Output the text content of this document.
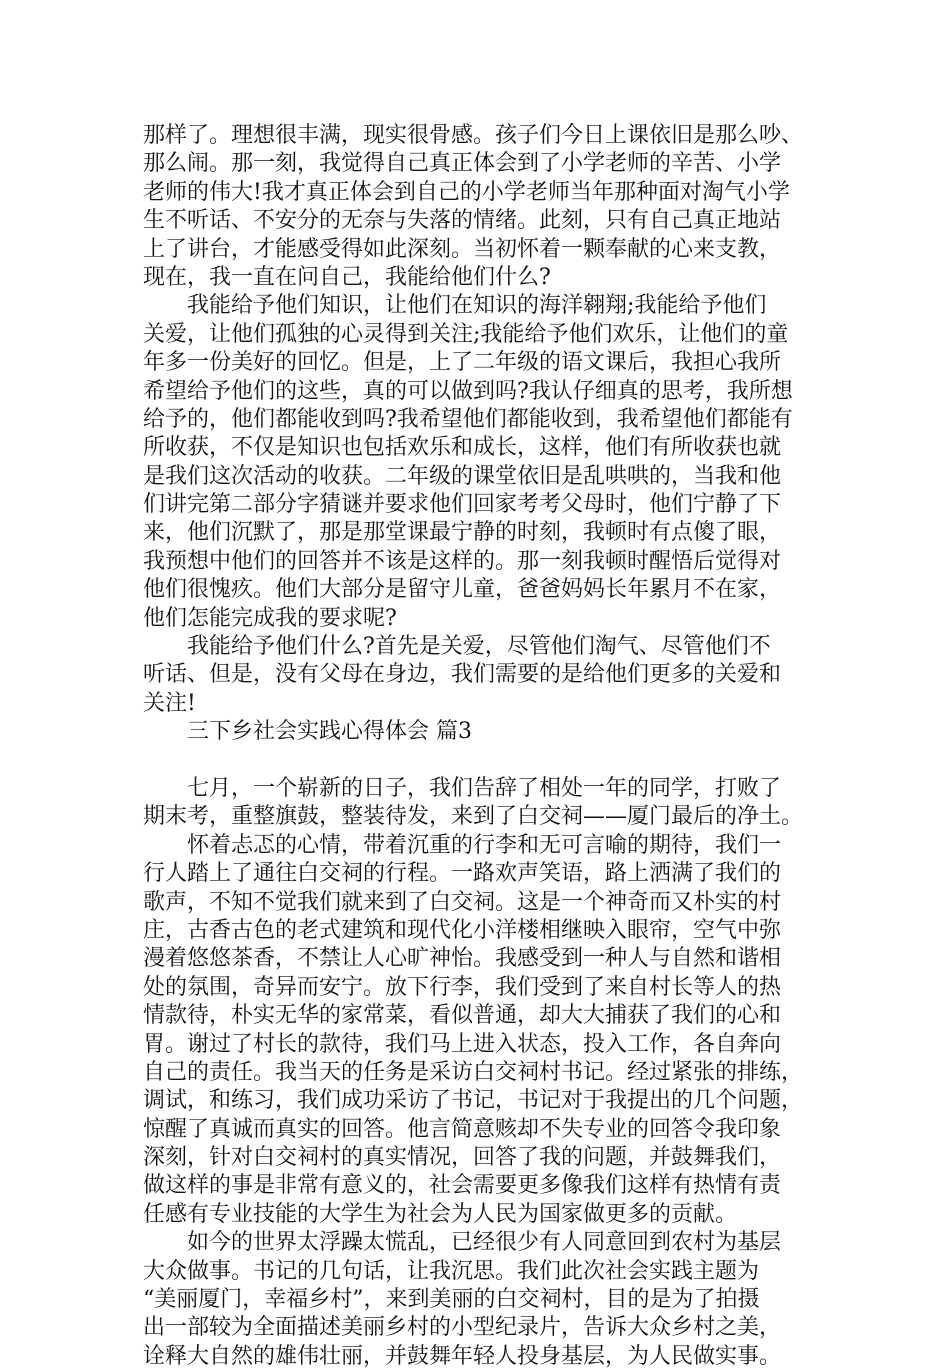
那样了。理想很丰满，现实很骨感。孩子们今日上课依旧是那么吵、
那么闹。那一刻，我觉得自己真正体会到了小学老师的辛苦、小学
老师的伟大!我才真正体会到自己的小学老师当年那种面对淘气小学
生不听话、不安分的无奈与失落的情绪。此刻，只有自己真正地站
上了讲台，才能感受得如此深刻。当初怀着一颗奉献的心来支教，
现在，我一直在问自己，我能给他们什么?
　　我能给予他们知识，让他们在知识的海洋翱翔;我能给予他们
关爱，让他们孤独的心灵得到关注;我能给予他们欢乐，让他们的童
年多一份美好的回忆。但是，上了二年级的语文课后，我担心我所
希望给予他们的这些，真的可以做到吗?我认仔细真的思考，我所想
给予的，他们都能收到吗?我希望他们都能收到，我希望他们都能有
所收获，不仅是知识也包括欢乐和成长，这样，他们有所收获也就
是我们这次活动的收获。二年级的课堂依旧是乱哄哄的，当我和他
们讲完第二部分字猜谜并要求他们回家考考父母时，他们宁静了下
来，他们沉默了，那是那堂课最宁静的时刻，我顿时有点傻了眼，
我预想中他们的回答并不该是这样的。那一刻我顿时醒悟后觉得对
他们很愧疚。他们大部分是留守儿童，爸爸妈妈长年累月不在家，
他们怎能完成我的要求呢?
　　我能给予他们什么?首先是关爱，尽管他们淘气、尽管他们不
听话、但是，没有父母在身边，我们需要的是给他们更多的关爱和
关注!
　　三下乡社会实践心得体会 篇3
　　七月，一个崭新的日子，我们告辞了相处一年的同学，打败了
期末考，重整旗鼓，整装待发，来到了白交祠——厦门最后的净土。
　　怀着忐忑的心情，带着沉重的行李和无可言喻的期待，我们一
行人踏上了通往白交祠的行程。一路欢声笑语，路上洒满了我们的
歌声，不知不觉我们就来到了白交祠。这是一个神奇而又朴实的村
庄，古香古色的老式建筑和现代化小洋楼相继映入眼帘，空气中弥
漫着悠悠茶香，不禁让人心旷神怡。我感受到一种人与自然和谐相
处的氛围，奇异而安宁。放下行李，我们受到了来自村长等人的热
情款待，朴实无华的家常菜，看似普通，却大大捕获了我们的心和
胃。谢过了村长的款待，我们马上进入状态，投入工作，各自奔向
自己的责任。我当天的任务是采访白交祠村书记。经过紧张的排练，
调试，和练习，我们成功采访了书记，书记对于我提出的几个问题，
惊醒了真诚而真实的回答。他言简意赅却不失专业的回答令我印象
深刻，针对白交祠村的真实情况，回答了我的问题，并鼓舞我们，
做这样的事是非常有意义的，社会需要更多像我们这样有热情有责
任感有专业技能的大学生为社会为人民为国家做更多的贡献。
　　如今的世界太浮躁太慌乱，已经很少有人同意回到农村为基层
大众做事。书记的几句话，让我沉思。我们此次社会实践主题为
“美丽厦门，幸福乡村”，来到美丽的白交祠村，目的是为了拍摄
出一部较为全面描述美丽乡村的小型纪录片，告诉大众乡村之美，
诠释大自然的雄伟壮丽，并鼓舞年轻人投身基层，为人民做实事。
